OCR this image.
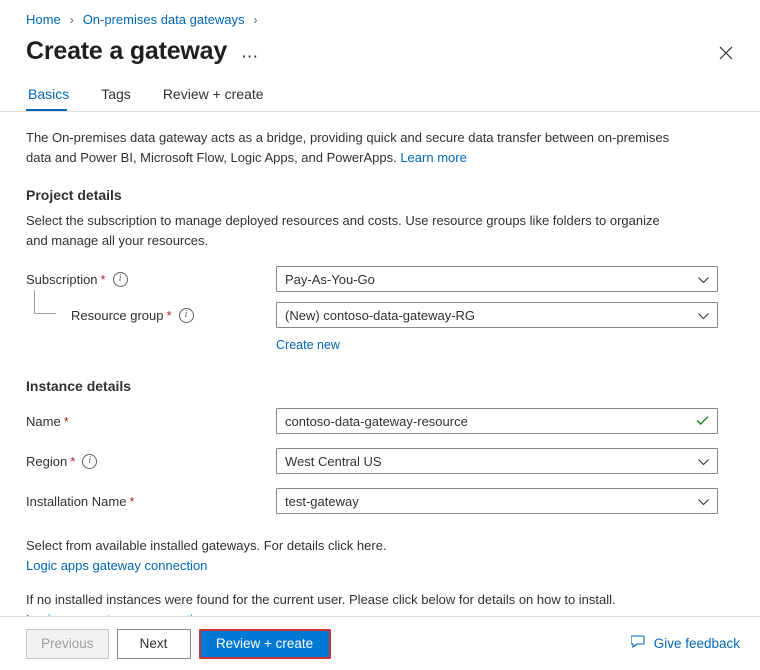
Home › On-premises data gateways ›
Create a gateway ⋯
Basics	Tags	Review + create
The On-premises data gateway acts as a bridge, providing quick and secure data transfer between on-premises data and Power BI, Microsoft Flow, Logic Apps, and PowerApps. Learn more
Project details
Select the subscription to manage deployed resources and costs. Use resource groups like folders to organize and manage all your resources.
Subscription *	i	Pay-As-You-Go
Resource group *	i	(New) contoso-data-gateway-RG
Create new
Instance details
Name *	contoso-data-gateway-resource
Region *	i	West Central US
Installation Name *	test-gateway
Select from available installed gateways. For details click here.
Logic apps gateway connection
If no installed instances were found for the current user. Please click below for details on how to install.
Previous	Next	Review + create	Give feedback
